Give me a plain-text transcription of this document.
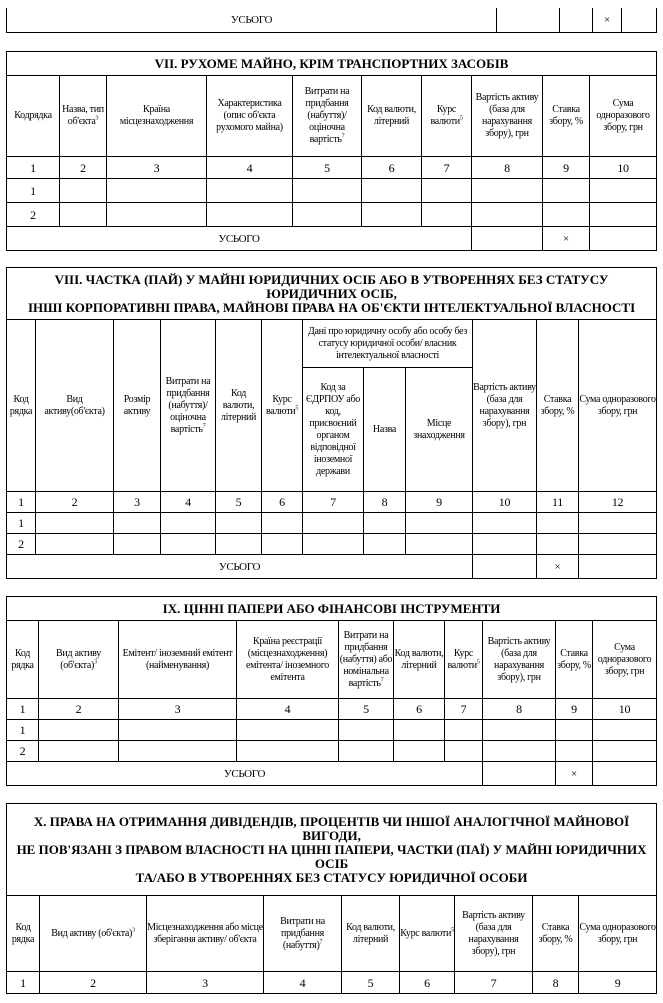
УСЬОГО			×	
VII. РУХОМЕ МАЙНО, КРІМ ТРАНСПОРТНИХ ЗАСОБІВ									
Кодрядка	Назва, тип об'єкта$^3$	Країна місцезнаходження	Характеристика (опис об'єкта рухомого майна)	Витрати на придбання (набуття)/ оціночна вартість$^7$	Код валюти, літерний	Курс валюти$^5$	Вартість активу (база для нарахування збору), грн	Ставка збору, %	Сума одноразового збору, грн
1	2	3	4	5	6	7	8	9	10
1									
2									
УСЬОГО								×	
VIII. ЧАСТКА (ПАЙ) У МАЙНІ ЮРИДИЧНИХ ОСІБ АБО В УТВОРЕННЯХ БЕЗ СТАТУСУ ЮРИДИЧНИХ ОСІБ,
ІНШІ КОРПОРАТИВНІ ПРАВА, МАЙНОВІ ПРАВА НА ОБ'ЄКТИ ІНТЕЛЕКТУАЛЬНОЇ ВЛАСНОСТІ											

Код рядка	Вид активу(об'єкта)	Розмір активу	Витрати на придбання (набуття)/ оціночна вартість$^7$	Код валюти, літерний	Курс валюти$^5$	Дані про юридичну особу або особу без статусу юридичної особи/ власник інтелектуальної власності			Вартість активу (база для нарахування збору), грн	Ставка збору, %	Сума одноразового збору, грн
						Код за ЄДРПОУ або код, присвоєний органом відповідної іноземної держави	Назва	Місце знаходження			
1	2	3	4	5	6	7	8	9	10	11	12
1											
2											
УСЬОГО										×	
IX. ЦІННІ ПАПЕРИ АБО ФІНАНСОВІ ІНСТРУМЕНТИ									
Код рядка	Вид активу (об'єкта)$^3$	Емітент/ іноземний емітент (найменування)	Країна реєстрації (місцезнаходження) емітента/ іноземного емітента	Витрати на придбання (набуття) або номінальна вартість$^7$	Код валюти, літерний	Курс валюти$^5$	Вартість активу (база для нарахування збору), грн	Ставка збору, %	Сума одноразового збору, грн
1	2	3	4	5	6	7	8	9	10
1									
2									
УСЬОГО								×	
X. ПРАВА НА ОТРИМАННЯ ДИВІДЕНДІВ, ПРОЦЕНТІВ ЧИ ІНШОЇ АНАЛОГІЧНОЇ МАЙНОВОЇ ВИГОДИ,
НЕ ПОВ'ЯЗАНІ З ПРАВОМ ВЛАСНОСТІ НА ЦІННІ ПАПЕРИ, ЧАСТКИ (ПАЇ) У МАЙНІ ЮРИДИЧНИХ ОСІБ
ТА/АБО В УТВОРЕННЯХ БЕЗ СТАТУСУ ЮРИДИЧНОЇ ОСОБИ								

Код рядка	Вид активу (об'єкта)$^3$	Місцезнаходження або місце зберігання активу/ об'єкта	Витрати на придбання (набуття)$^7$	Код валюти, літерний	Курс валюти$^5$	Вартість активу (база для нарахування збору), грн	Ставка збору, %	Сума одноразового збору, грн
1	2	3	4	5	6	7	8	9
